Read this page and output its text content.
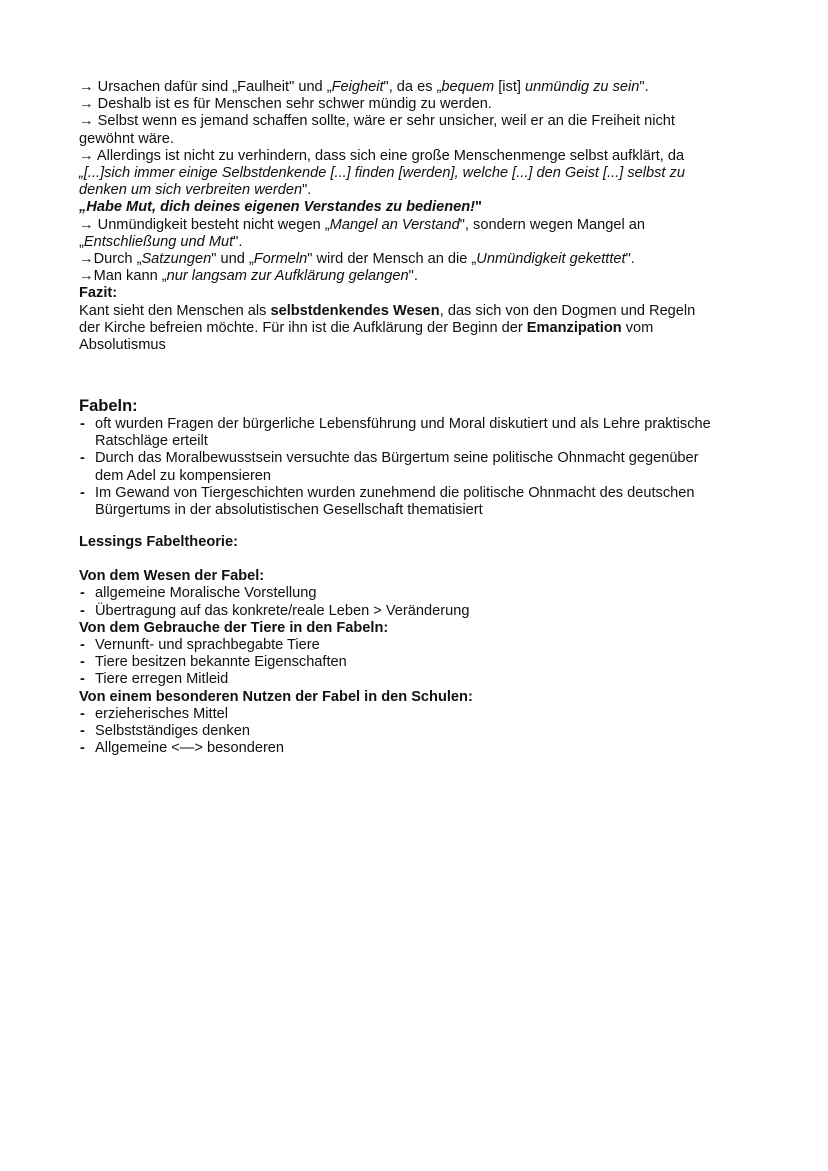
→ Ursachen dafür sind „Faulheit" und „Feigheit", da es „bequem [ist] unmündig zu sein".
→ Deshalb ist es für Menschen sehr schwer mündig zu werden.
→ Selbst wenn es jemand schaffen sollte, wäre er sehr unsicher, weil er an die Freiheit nicht
gewöhnt wäre.
→ Allerdings ist nicht zu verhindern, dass sich eine große Menschenmenge selbst aufklärt, da
„[...]sich immer einige Selbstdenkende [...] finden [werden], welche [...] den Geist [...] selbst zu
denken um sich verbreiten werden".
„Habe Mut, dich deines eigenen Verstandes zu bedienen!"
→ Unmündigkeit besteht nicht wegen „Mangel an Verstand", sondern wegen Mangel an
„Entschließung und Mut".
→Durch „Satzungen" und „Formeln" wird der Mensch an die „Unmündigkeit geketttet".
→Man kann „nur langsam zur Aufklärung gelangen".
Fazit:
Kant sieht den Menschen als selbstdenkendes Wesen, das sich von den Dogmen und Regeln
der Kirche befreien möchte. Für ihn ist die Aufklärung der Beginn der Emanzipation vom
Absolutismus
Fabeln:
- oft wurden Fragen der bürgerliche Lebensführung und Moral diskutiert und als Lehre praktische
Ratschläge erteilt
- Durch das Moralbewusstsein versuchte das Bürgertum seine politische Ohnmacht gegenüber
dem Adel zu kompensieren
- Im Gewand von Tiergeschichten wurden zunehmend die politische Ohnmacht des deutschen
Bürgertums in der absolutistischen Gesellschaft thematisiert
Lessings Fabeltheorie:
Von dem Wesen der Fabel:
- allgemeine Moralische Vorstellung
- Übertragung auf das konkrete/reale Leben > Veränderung
Von dem Gebrauche der Tiere in den Fabeln:
- Vernunft- und sprachbegabte Tiere
- Tiere besitzen bekannte Eigenschaften
- Tiere erregen Mitleid
Von einem besonderen Nutzen der Fabel in den Schulen:
- erzieherisches Mittel
- Selbstständiges denken
- Allgemeine <—> besonderen
